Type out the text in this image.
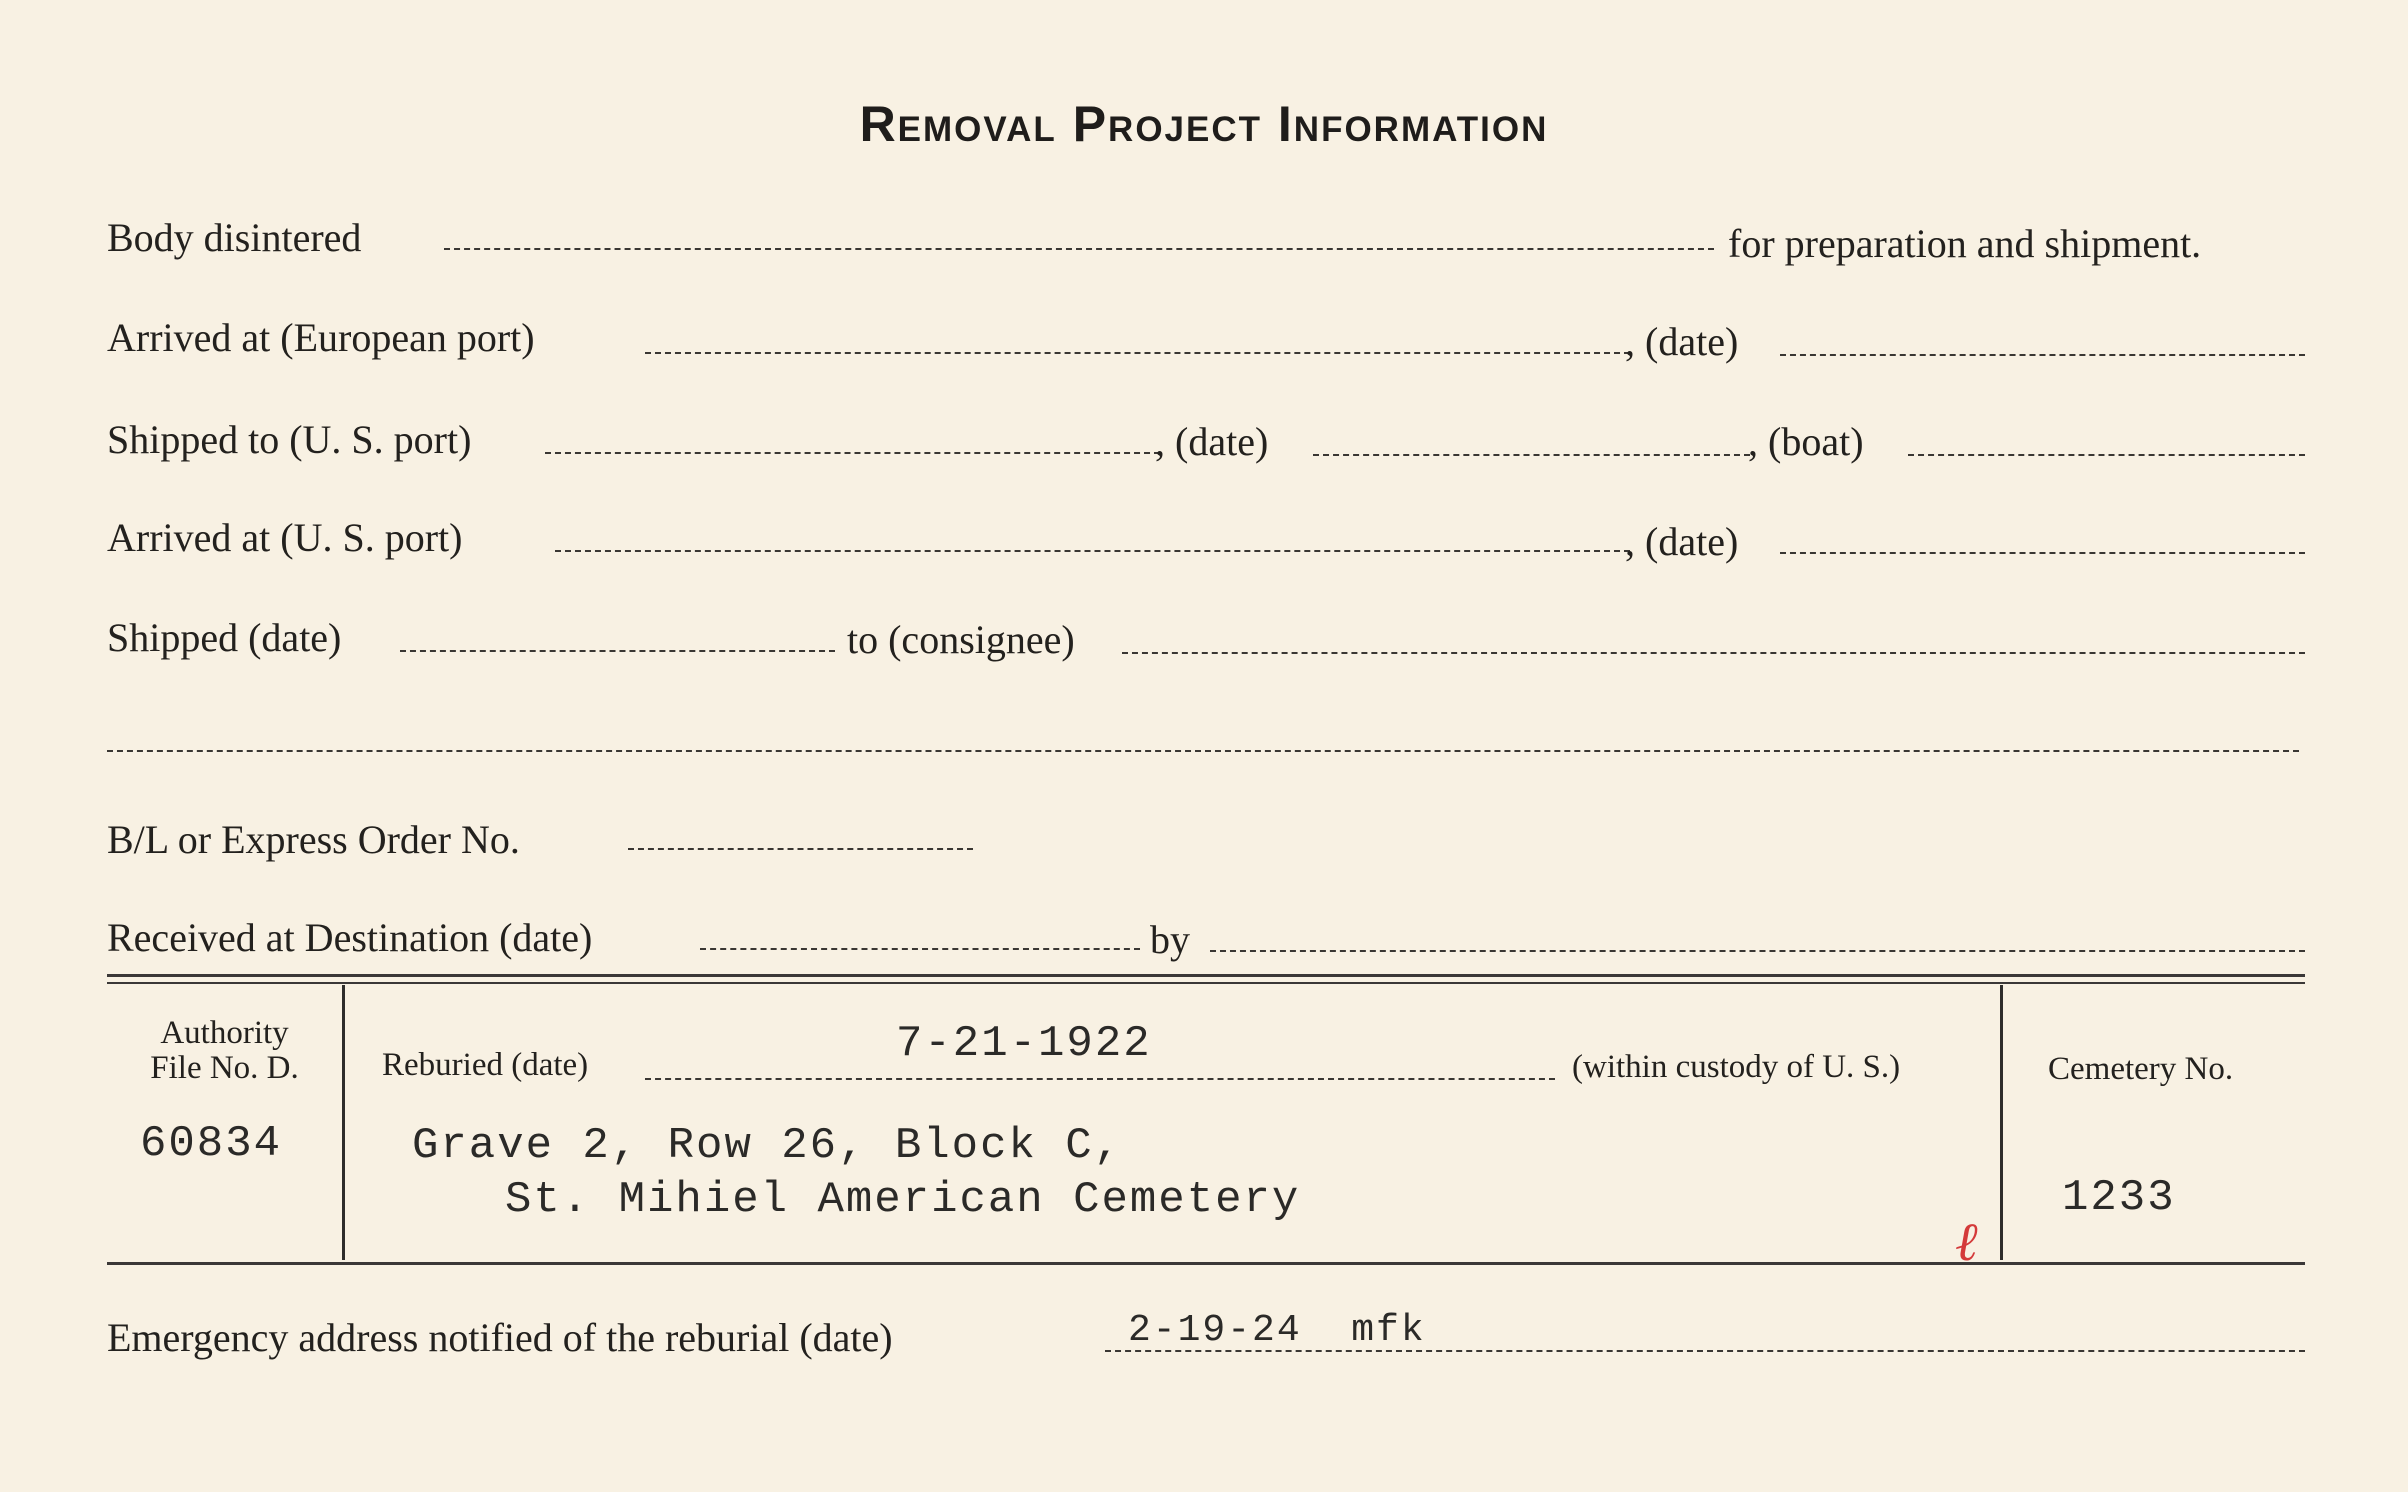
Removal Project Information
Body disintered	for preparation and shipment.
Arrived at (European port)	, (date)
Shipped to (U. S. port)	, (date)	, (boat)
Arrived at (U. S. port)	, (date)
Shipped (date)	to (consignee)
B/L or Express Order No.
Received at Destination (date)	by
Authority
File No. D.
60834
Reburied (date)	7-21-1922	(within custody of U. S.)
Grave 2, Row 26, Block C,
St. Mihiel American Cemetery
ℓ
Cemetery No.
1233
Emergency address notified of the reburial (date)	2-19-24  mfk
